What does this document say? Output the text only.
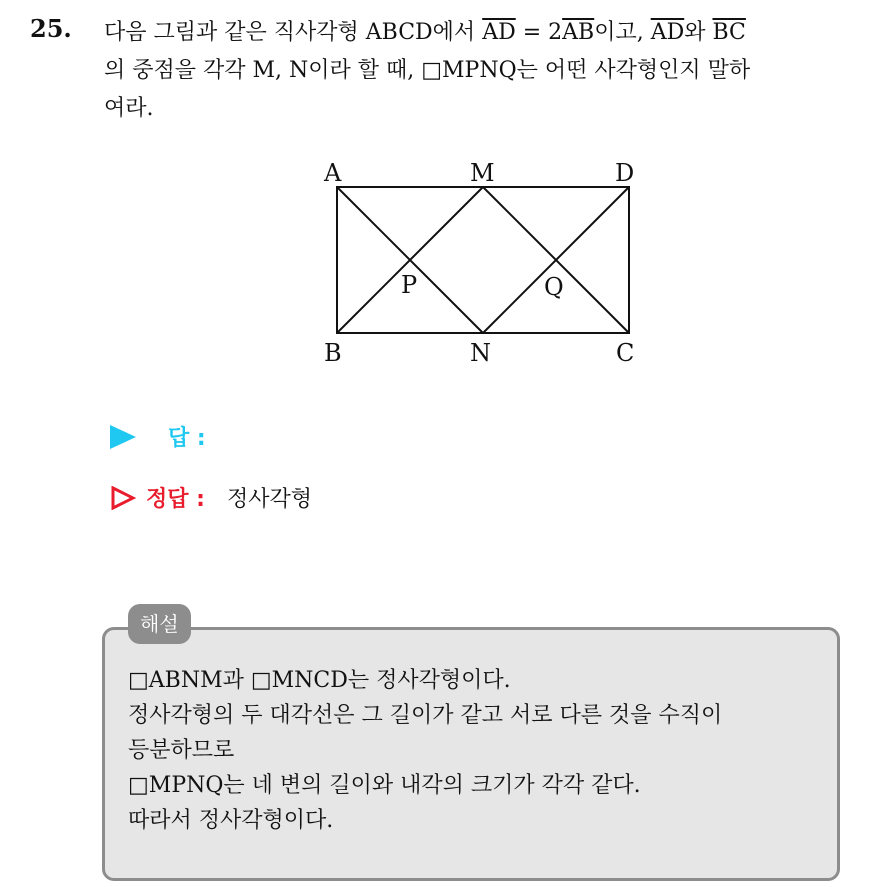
25. 다음 그림과 같은 직사각형 ABCD에서 $\overline{AD} = 2\overline{AB}$이고, $\overline{AD}$와 $\overline{BC}$
의 중점을 각각 M, N이라 할 때, □MPNQ는 어떤 사각형인지 말하
여라.
A	M	D
P	Q
B	N	C
답 :
정답 : 정사각형
해설
□ABNM과 □MNCD는 정사각형이다.
정사각형의 두 대각선은 그 길이가 같고 서로 다른 것을 수직이
등분하므로
□MPNQ는 네 변의 길이와 내각의 크기가 각각 같다.
따라서 정사각형이다.
